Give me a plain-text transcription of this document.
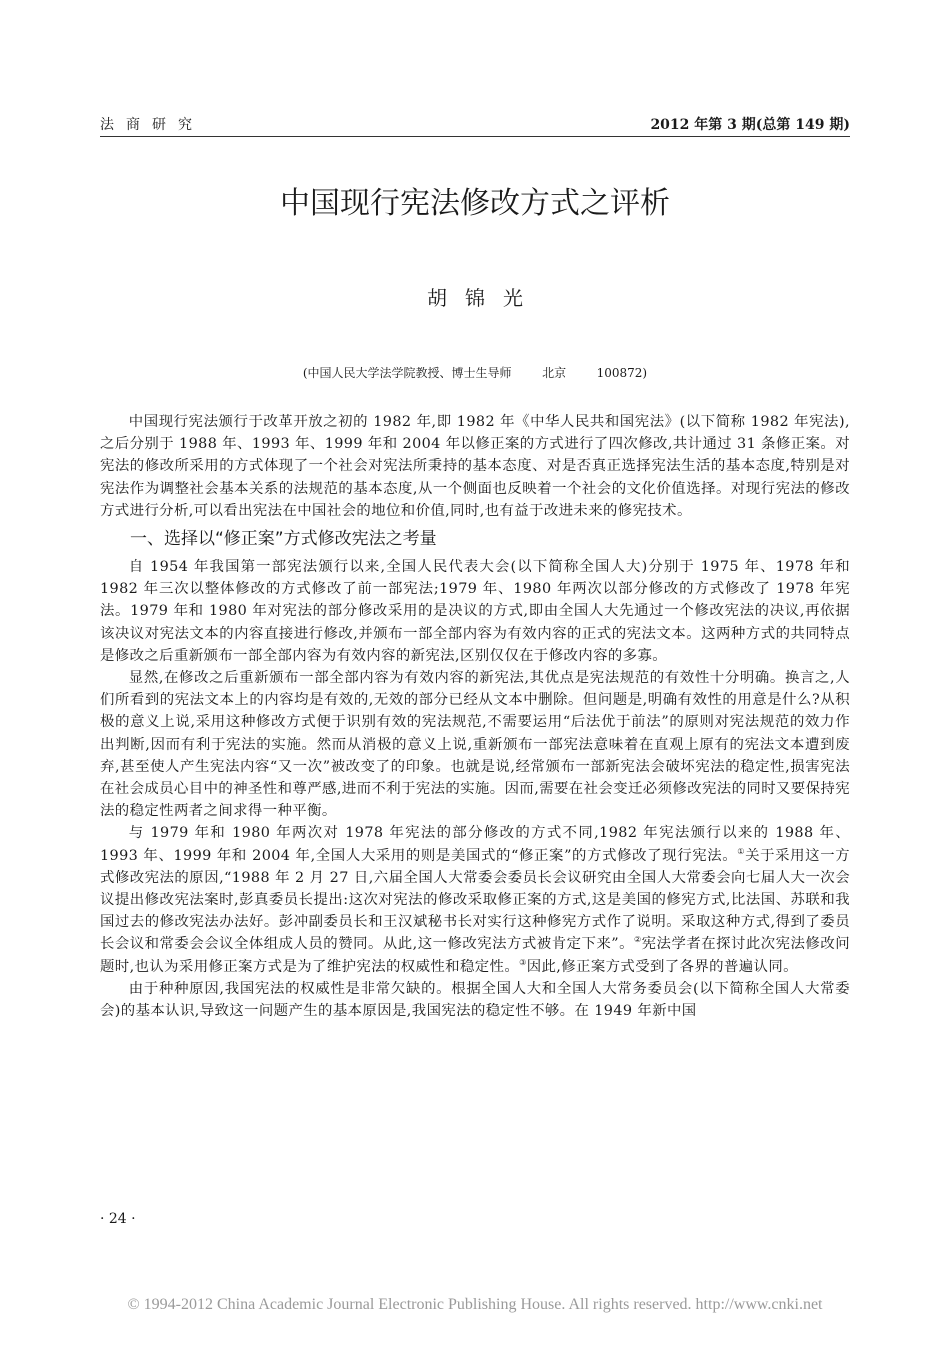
法商研究	2012 年第 3 期(总第 149 期)
中国现行宪法修改方式之评析
胡锦光
(中国人民大学法学院教授、博士生导师	北京	100872)

中国现行宪法颁行于改革开放之初的 1982 年,即 1982 年《中华人民共和国宪法》(以下简称 1982 年宪法),之后分别于 1988 年、1993 年、1999 年和 2004 年以修正案的方式进行了四次修改,共计通过 31 条修正案。对宪法的修改所采用的方式体现了一个社会对宪法所秉持的基本态度、对是否真正选择宪法生活的基本态度,特别是对宪法作为调整社会基本关系的法规范的基本态度,从一个侧面也反映着一个社会的文化价值选择。对现行宪法的修改方式进行分析,可以看出宪法在中国社会的地位和价值,同时,也有益于改进未来的修宪技术。

一、选择以“修正案”方式修改宪法之考量

自 1954 年我国第一部宪法颁行以来,全国人民代表大会(以下简称全国人大)分别于 1975 年、1978 年和 1982 年三次以整体修改的方式修改了前一部宪法;1979 年、1980 年两次以部分修改的方式修改了 1978 年宪法。1979 年和 1980 年对宪法的部分修改采用的是决议的方式,即由全国人大先通过一个修改宪法的决议,再依据该决议对宪法文本的内容直接进行修改,并颁布一部全部内容为有效内容的正式的宪法文本。这两种方式的共同特点是修改之后重新颁布一部全部内容为有效内容的新宪法,区别仅仅在于修改内容的多寡。

显然,在修改之后重新颁布一部全部内容为有效内容的新宪法,其优点是宪法规范的有效性十分明确。换言之,人们所看到的宪法文本上的内容均是有效的,无效的部分已经从文本中删除。但问题是,明确有效性的用意是什么?从积极的意义上说,采用这种修改方式便于识别有效的宪法规范,不需要运用“后法优于前法”的原则对宪法规范的效力作出判断,因而有利于宪法的实施。然而从消极的意义上说,重新颁布一部宪法意味着在直观上原有的宪法文本遭到废弃,甚至使人产生宪法内容“又一次”被改变了的印象。也就是说,经常颁布一部新宪法会破坏宪法的稳定性,损害宪法在社会成员心目中的神圣性和尊严感,进而不利于宪法的实施。因而,需要在社会变迁必须修改宪法的同时又要保持宪法的稳定性两者之间求得一种平衡。

与 1979 年和 1980 年两次对 1978 年宪法的部分修改的方式不同,1982 年宪法颁行以来的 1988 年、1993 年、1999 年和 2004 年,全国人大采用的则是美国式的“修正案”的方式修改了现行宪法。①关于采用这一方式修改宪法的原因,“1988 年 2 月 27 日,六届全国人大常委会委员长会议研究由全国人大常委会向七届人大一次会议提出修改宪法案时,彭真委员长提出:这次对宪法的修改采取修正案的方式,这是美国的修宪方式,比法国、苏联和我国过去的修改宪法办法好。彭冲副委员长和王汉斌秘书长对实行这种修宪方式作了说明。采取这种方式,得到了委员长会议和常委会会议全体组成人员的赞同。从此,这一修改宪法方式被肯定下来”。②宪法学者在探讨此次宪法修改问题时,也认为采用修正案方式是为了维护宪法的权威性和稳定性。③因此,修正案方式受到了各界的普遍认同。

由于种种原因,我国宪法的权威性是非常欠缺的。根据全国人大和全国人大常务委员会(以下简称全国人大常委会)的基本认识,导致这一问题产生的基本原因是,我国宪法的稳定性不够。在 1949 年新中国

· 24 ·
© 1994-2012 China Academic Journal Electronic Publishing House. All rights reserved. http://www.cnki.net
